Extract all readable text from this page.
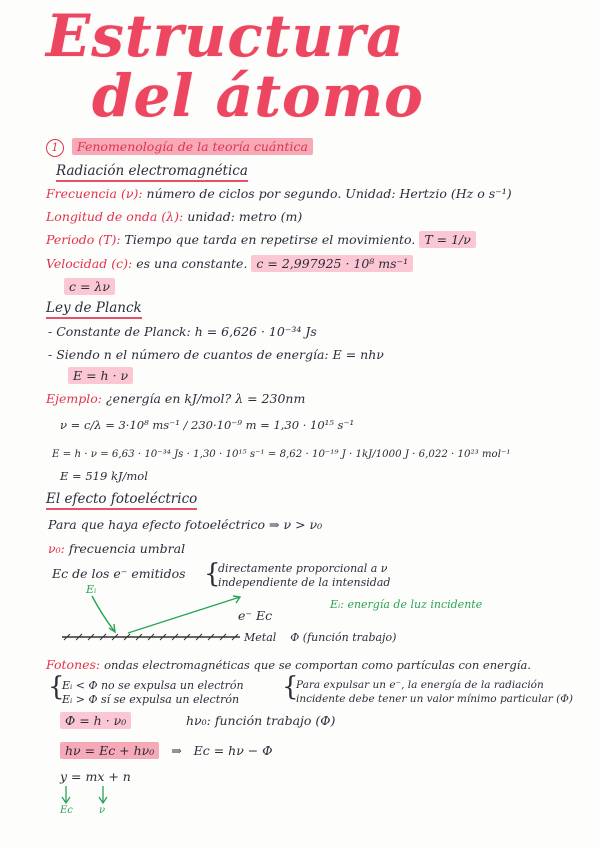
Estructura
del átomo
1 Fenomenología de la teoría cuántica
Radiación electromagnética
Frecuencia (ν): número de ciclos por segundo. Unidad: Hertzio (Hz o s⁻¹)
Longitud de onda (λ): unidad: metro (m)
Periodo (T): Tiempo que tarda en repetirse el movimiento. T = 1/ν
Velocidad (c): es una constante. c = 2,997925 · 10⁸ ms⁻¹
c = λν
Ley de Planck
- Constante de Planck: h = 6,626 · 10⁻³⁴ Js
- Siendo n el número de cuantos de energía: E = nhν
E = h · ν
Ejemplo: ¿energía en kJ/mol? λ = 230nm
ν = c/λ = 3·10⁸ ms⁻¹ / 230·10⁻⁹ m = 1,30 · 10¹⁵ s⁻¹
E = h · ν = 6,63 · 10⁻³⁴ Js · 1,30 · 10¹⁵ s⁻¹ = 8,62 · 10⁻¹⁹ J · 1kJ/1000 J · 6,022 · 10²³ mol⁻¹
E = 519 kJ/mol
El efecto fotoeléctrico
Para que haya efecto fotoeléctrico ⇒ ν > ν₀
ν₀: frecuencia umbral
Ec de los e⁻ emitidos {
directamente proporcional a ν
independiente de la intensidad
Eᵢ
e⁻ Ec
Eᵢ: energía de luz incidente
Metal Φ (función trabajo)
Fotones: ondas electromagnéticas que se comportan como partículas con energía.
{
Eᵢ < Φ no se expulsa un electrón
Eᵢ > Φ sí se expulsa un electrón {
Para expulsar un e⁻, la energía de la radiación
incidente debe tener un valor mínimo particular (Φ)
Φ = h · ν₀	hν₀: función trabajo (Φ)
hν = Ec + hν₀ ⇒ Ec = hν − Φ
y = mx + n
Ec	ν
